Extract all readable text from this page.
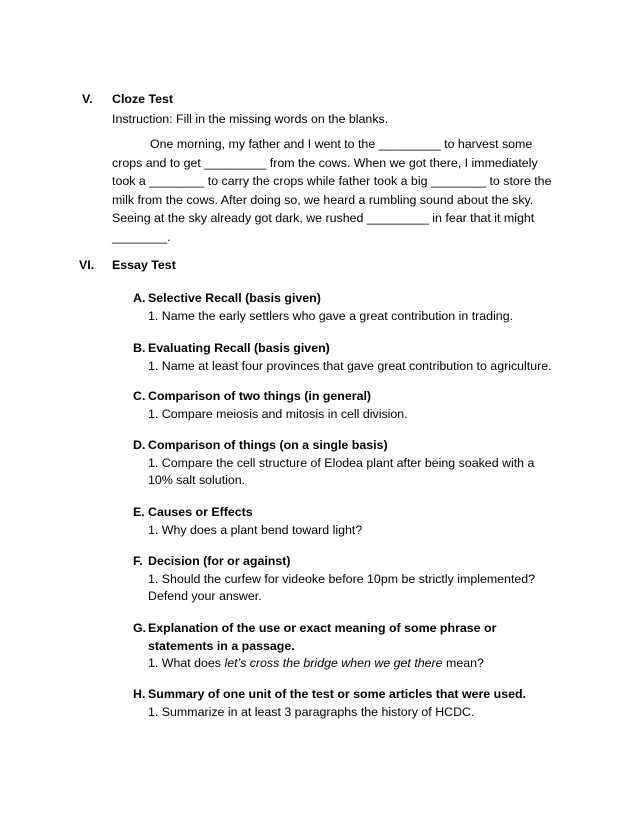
V. Cloze Test
Instruction: Fill in the missing words on the blanks.
One morning, my father and I went to the _________ to harvest some
crops and to get _________ from the cows. When we got there, I immediately
took a ________ to carry the crops while father took a big ________ to store the
milk from the cows. After doing so, we heard a rumbling sound about the sky.
Seeing at the sky already got dark, we rushed _________ in fear that it might
________.
VI. Essay Test
A. Selective Recall (basis given)
1. Name the early settlers who gave a great contribution in trading.
B. Evaluating Recall (basis given)
1. Name at least four provinces that gave great contribution to agriculture.
C. Comparison of two things (in general)
1. Compare meiosis and mitosis in cell division.
D. Comparison of things (on a single basis)
1. Compare the cell structure of Elodea plant after being soaked with a
10% salt solution.
E. Causes or Effects
1. Why does a plant bend toward light?
F. Decision (for or against)
1. Should the curfew for videoke before 10pm be strictly implemented?
Defend your answer.
G. Explanation of the use or exact meaning of some phrase or
statements in a passage.
1. What does let’s cross the bridge when we get there mean?
H. Summary of one unit of the test or some articles that were used.
1. Summarize in at least 3 paragraphs the history of HCDC.
